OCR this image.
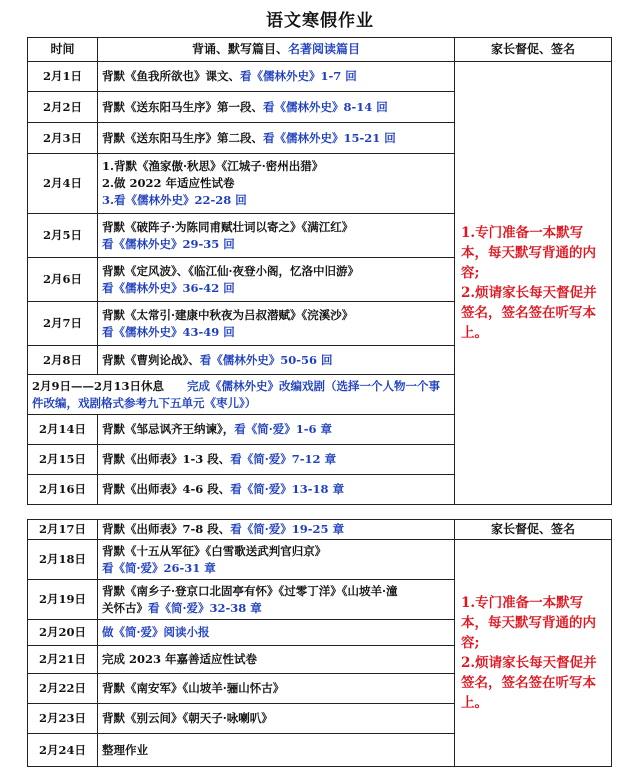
语文寒假作业
时间	背诵、默写篇目、名著阅读篇目	家长督促、签名
2月1日	背默《鱼我所欲也》课文、看《儒林外史》1-7 回	1.专门准备一本默写本，每天默写背通的内容;
2.烦请家长每天督促并签名，签名签在听写本上。

2月2日	背默《送东阳马生序》第一段、看《儒林外史》8-14 回	

2月3日	背默《送东阳马生序》第二段、看《儒林外史》15-21 回	

2月4日	1.背默《渔家傲·秋思》《江城子·密州出猎》
2.做 2022 年适应性试卷
3.看《儒林外史》22-28 回	

2月5日	背默《破阵子·为陈同甫赋壮词以寄之》《满江红》
看《儒林外史》29-35 回	

2月6日	背默《定风波》、《临江仙·夜登小阁，忆洛中旧游》
看《儒林外史》36-42 回	

2月7日	背默《太常引·建康中秋夜为吕叔潜赋》《浣溪沙》
看《儒林外史》43-49 回	

2月8日	背默《曹刿论战》、看《儒林外史》50-56 回	

2月9日——2月13日休息　　 完成《儒林外史》改编戏剧（选择一个人物一个事件改编，戏剧格式参考九下五单元《枣儿》）		
2月14日	背默《邹忌讽齐王纳谏》，看《简·爱》1-6 章	

2月15日	背默《出师表》1-3 段、看《简·爱》7-12 章	

2月16日	背默《出师表》4-6 段、看《简·爱》13-18 章	
2月17日	背默《出师表》7-8 段、看《简·爱》19-25 章	家长督促、签名
2月18日	背默《十五从军征》《白雪歌送武判官归京》
看《简·爱》26-31 章	1.专门准备一本默写本，每天默写背通的内容;
2.烦请家长每天督促并签名，签名签在听写本上。

2月19日	背默《南乡子·登京口北固亭有怀》《过零丁洋》《山坡羊·潼
关怀古》看《简·爱》32-38 章	

2月20日	做《简·爱》阅读小报	

2月21日	完成 2023 年嘉善适应性试卷	

2月22日	背默《南安军》《山坡羊·骊山怀古》	

2月23日	背默《别云间》《朝天子·咏喇叭》	

2月24日	整理作业	
